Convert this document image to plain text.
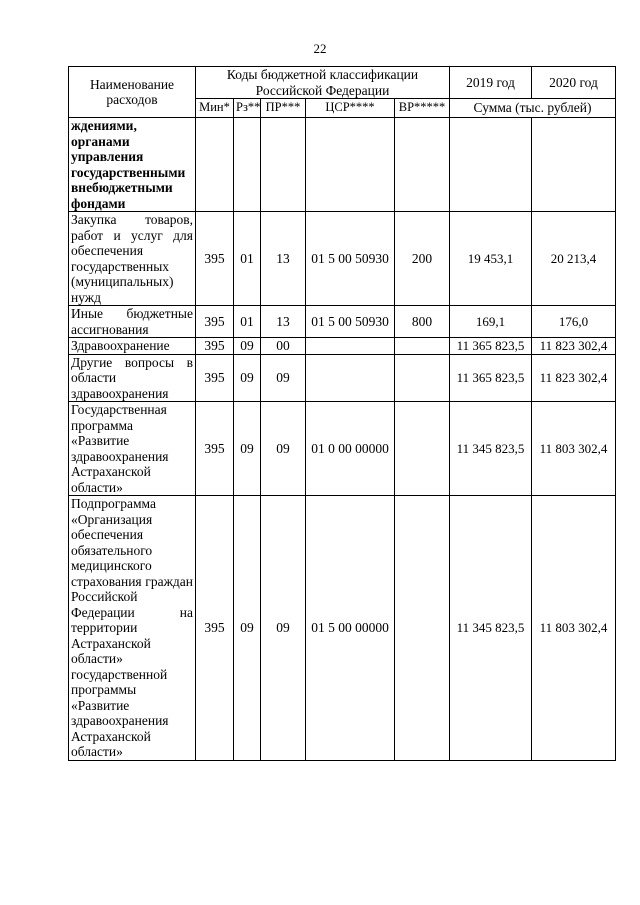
22
Наименование расходов	Коды бюджетной классификации Российской Федерации					2019 год	2020 год
	Мин*	Рз**	ПР***	ЦСР****	ВР*****	Сумма (тыс. рублей)	
ждениями, органами управления государственными внебюджетными фондами							
Закупка товаров, работ и услуг для обеспечения государственных (муниципальных) нужд	395	01	13	01 5 00 50930	200	19 453,1	20 213,4
Иные бюджетные ассигнования	395	01	13	01 5 00 50930	800	169,1	176,0
Здравоохранение	395	09	00			11 365 823,5	11 823 302,4
Другие вопросы в области здравоохранения	395	09	09			11 365 823,5	11 823 302,4
Государственная программа «Развитие здравоохранения Астраханской области»	395	09	09	01 0 00 00000		11 345 823,5	11 803 302,4
Подпрограмма «Организация обеспечения обязательного медицинского страхования граждан Российской Федерации на территории Астраханской области» государственной программы «Развитие здравоохранения Астраханской области»	395	09	09	01 5 00 00000		11 345 823,5	11 803 302,4
